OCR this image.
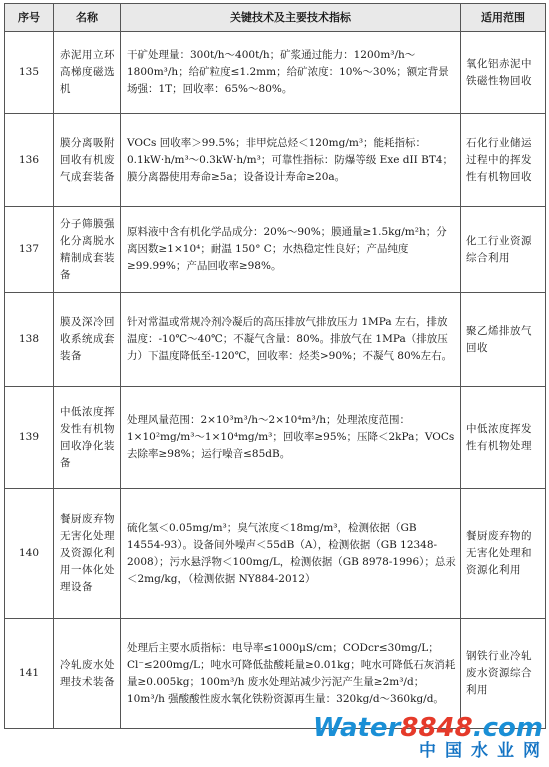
序号	名称	关键技术及主要技术指标	适用范围
135	赤泥用立环高梯度磁选机	干矿处理量：300t/h～400t/h；矿浆通过能力：1200m³/h～1800m³/h；给矿粒度≤1.2mm；给矿浓度：10%～30%；额定背景场强：1T；回收率：65%～80%。	氧化铝赤泥中铁磁性物回收
136	膜分离吸附回收有机废气成套装备	VOCs 回收率＞99.5%；非甲烷总烃＜120mg/m³；能耗指标：0.1kW·h/m³～0.3kW·h/m³；可靠性指标：防爆等级 Exe dII BT4；膜分离器使用寿命≥5a；设备设计寿命≥20a。	石化行业储运过程中的挥发性有机物回收
137	分子筛膜强化分离脱水精制成套装备	原料液中含有机化学品成分：20%～90%；膜通量≥1.5kg/m²h；分离因数≥1×10⁴；耐温 150° C；水热稳定性良好；产品纯度≥99.99%；产品回收率≥98%。	化工行业资源综合利用
138	膜及深冷回收系统成套装备	针对常温或常规冷剂冷凝后的高压排放气排放压力 1MPa 左右，排放温度：-10℃～40℃；不凝气含量：80%。排放气在 1MPa（排放压力）下温度降低至-120℃，回收率：烃类>90%；不凝气 80%左右。	聚乙烯排放气回收
139	中低浓度挥发性有机物回收净化装备	处理风量范围：2×10³m³/h～2×10⁴m³/h；处理浓度范围：1×10²mg/m³～1×10⁴mg/m³；回收率≥95%；压降＜2kPa；VOCs 去除率≥98%；运行噪音≤85dB。	中低浓度挥发性有机物处理
140	餐厨废弃物无害化处理及资源化利用一体化处理设备	硫化氢＜0.05mg/m³；臭气浓度＜18mg/m³，检测依据（GB 14554-93）。设备间外噪声＜55dB（A），检测依据（GB 12348-2008）；污水悬浮物＜100mg/L，检测依据（GB 8978-1996）；总汞＜2mg/kg，（检测依据 NY884-2012）	餐厨废弃物的无害化处理和资源化利用
141	冷轧废水处理技术装备	处理后主要水质指标：电导率≤1000μS/cm；CODcr≤30mg/L；Cl⁻≤200mg/L；吨水可降低盐酸耗量≥0.01kg；吨水可降低石灰消耗量≥0.005kg；100m³/h 废水处理站减少污泥产生量≥2m³/d；10m³/h 强酸酸性废水氧化铁粉资源再生量：320kg/d～360kg/d。	钢铁行业冷轧废水资源综合利用
Water8848.com
中国水业网
